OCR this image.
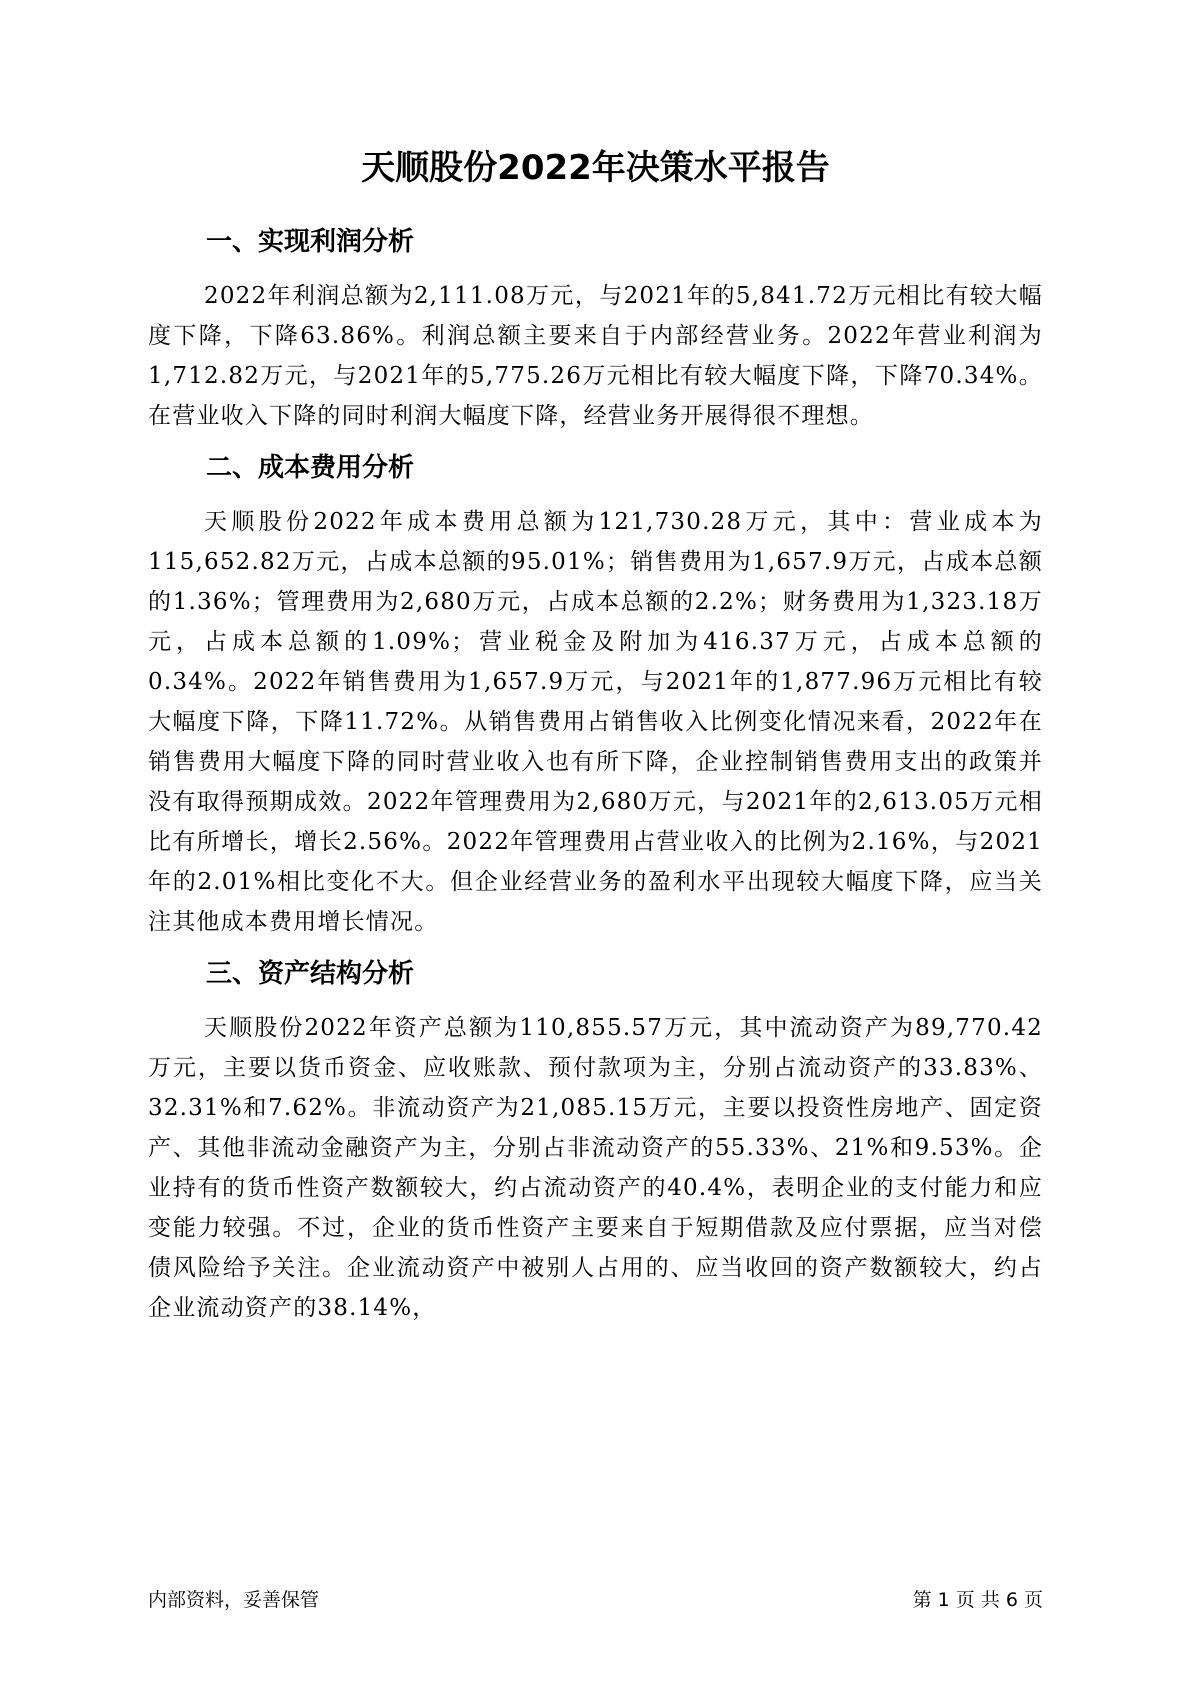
天顺股份2022年决策水平报告
一、实现利润分析

2022年利润总额为2,111.08万元，与2021年的5,841.72万元相比有较大幅度下降，下降63.86%。利润总额主要来自于内部经营业务。2022年营业利润为1,712.82万元，与2021年的5,775.26万元相比有较大幅度下降，下降70.34%。在营业收入下降的同时利润大幅度下降，经营业务开展得很不理想。

二、成本费用分析

天顺股份2022年成本费用总额为121,730.28万元，其中：营业成本为115,652.82万元，占成本总额的95.01%；销售费用为1,657.9万元，占成本总额的1.36%；管理费用为2,680万元，占成本总额的2.2%；财务费用为1,323.18万元，占成本总额的1.09%；营业税金及附加为416.37万元，占成本总额的0.34%。2022年销售费用为1,657.9万元，与2021年的1,877.96万元相比有较大幅度下降，下降11.72%。从销售费用占销售收入比例变化情况来看，2022年在销售费用大幅度下降的同时营业收入也有所下降，企业控制销售费用支出的政策并没有取得预期成效。2022年管理费用为2,680万元，与2021年的2,613.05万元相比有所增长，增长2.56%。2022年管理费用占营业收入的比例为2.16%，与2021年的2.01%相比变化不大。但企业经营业务的盈利水平出现较大幅度下降，应当关注其他成本费用增长情况。

三、资产结构分析

天顺股份2022年资产总额为110,855.57万元，其中流动资产为89,770.42万元，主要以货币资金、应收账款、预付款项为主，分别占流动资产的33.83%、32.31%和7.62%。非流动资产为21,085.15万元，主要以投资性房地产、固定资产、其他非流动金融资产为主，分别占非流动资产的55.33%、21%和9.53%。企业持有的货币性资产数额较大，约占流动资产的40.4%，表明企业的支付能力和应变能力较强。不过，企业的货币性资产主要来自于短期借款及应付票据，应当对偿债风险给予关注。企业流动资产中被别人占用的、应当收回的资产数额较大，约占企业流动资产的38.14%，

内部资料，妥善保管	第 1 页 共 6 页
